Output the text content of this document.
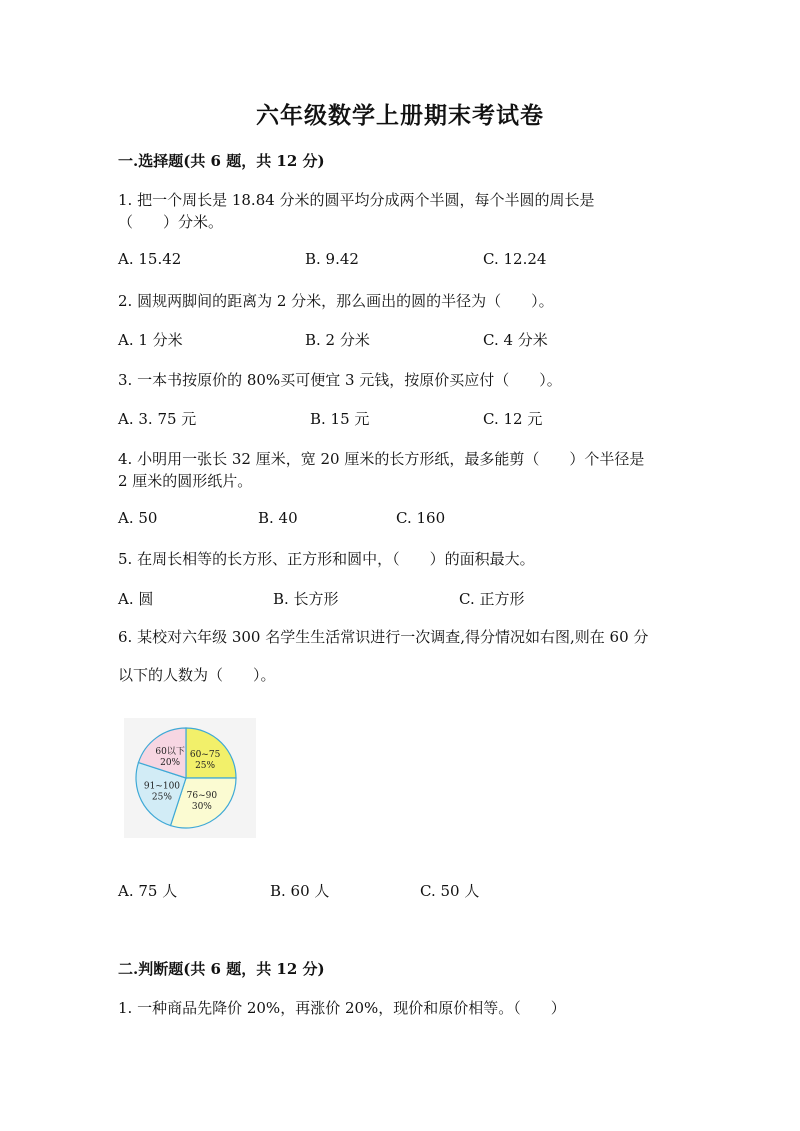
六年级数学上册期末考试卷
一.选择题(共 6 题，共 12 分)
1. 把一个周长是 18.84 分米的圆平均分成两个半圆，每个半圆的周长是
（　　）分米。
A. 15.42	B. 9.42	C. 12.24
2. 圆规两脚间的距离为 2 分米，那么画出的圆的半径为（　　）。
A. 1 分米	B. 2 分米	C. 4 分米
3. 一本书按原价的 80%买可便宜 3 元钱，按原价买应付（　　）。
A. 3. 75 元	B. 15 元	C. 12 元
4. 小明用一张长 32 厘米，宽 20 厘米的长方形纸，最多能剪（　　）个半径是
2 厘米的圆形纸片。
A. 50	B. 40	C. 160
5. 在周长相等的长方形、正方形和圆中，（　　）的面积最大。
A. 圆	B. 长方形	C. 正方形
6. 某校对六年级 300 名学生生活常识进行一次调查,得分情况如右图,则在 60 分
以下的人数为（　　）。
60~75
25%
76~90
30%
91~100
25%
60以下
20%
A. 75 人	B. 60 人	C. 50 人
二.判断题(共 6 题，共 12 分)
1. 一种商品先降价 20%，再涨价 20%，现价和原价相等。（　　）
